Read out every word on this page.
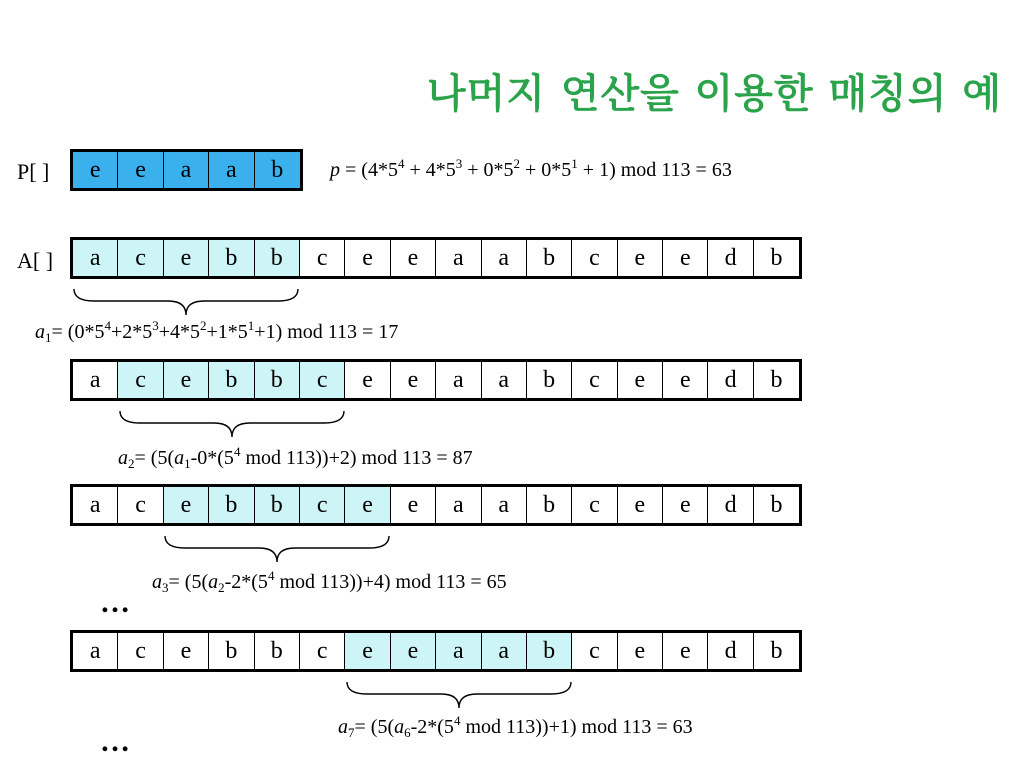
나머지 연산을 이용한 매칭의 예
P[ ]	e	e	a	a	b	$p = (4*5^4 + 4*5^3 + 0*5^2 + 0*5^1 + 1)$ mod 113 = 63
A[ ]	a	c	e	b	b	c	e	e	a	a	b	c	e	e	d	b
$a_1= (0*5^4+2*5^3+4*5^2+1*5^1+1)$ mod 113 = 17
a	c	e	b	b	c	e	e	a	a	b	c	e	e	d	b
$a_2= (5(a_1-0*(5^4$ mod 113))+2) mod 113 = 87
a	c	e	b	b	c	e	e	a	a	b	c	e	e	d	b
$a_3= (5(a_2-2*(5^4$ mod 113))+4) mod 113 = 65
…
a	c	e	b	b	c	e	e	a	a	b	c	e	e	d	b
$a_7= (5(a_6-2*(5^4$ mod 113))+1) mod 113 = 63
…
